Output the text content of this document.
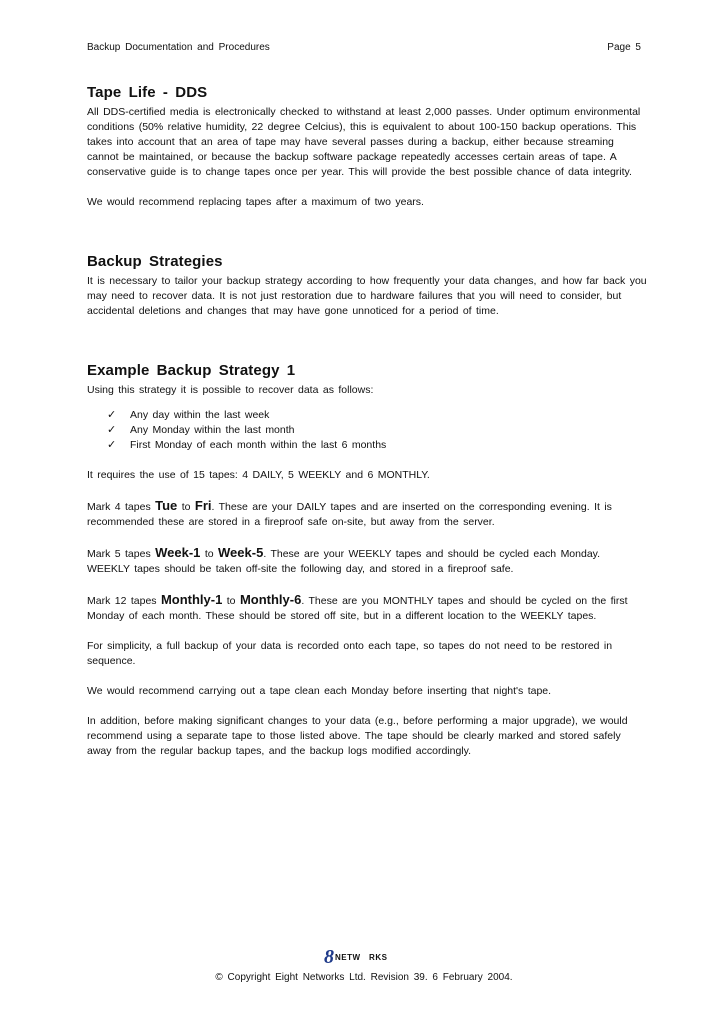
Backup Documentation and Procedures	Page 5
Tape Life - DDS

All DDS-certified media is electronically checked to withstand at least 2,000 passes. Under optimum environmental conditions (50% relative humidity, 22 degree Celcius), this is equivalent to about 100-150 backup operations. This takes into account that an area of tape may have several passes during a backup, either because streaming cannot be maintained, or because the backup software package repeatedly accesses certain areas of tape. A conservative guide is to change tapes once per year. This will provide the best possible chance of data integrity.

We would recommend replacing tapes after a maximum of two years.

Backup Strategies

It is necessary to tailor your backup strategy according to how frequently your data changes, and how far back you may need to recover data. It is not just restoration due to hardware failures that you will need to consider, but accidental deletions and changes that may have gone unnoticed for a period of time.

Example Backup Strategy 1

Using this strategy it is possible to recover data as follows:

✓	Any day within the last week
✓	Any Monday within the last month
✓	First Monday of each month within the last 6 months

It requires the use of 15 tapes: 4 DAILY, 5 WEEKLY and 6 MONTHLY.

Mark 4 tapes Tue to Fri. These are your DAILY tapes and are inserted on the corresponding evening. It is recommended these are stored in a fireproof safe on-site, but away from the server.

Mark 5 tapes Week-1 to Week-5. These are your WEEKLY tapes and should be cycled each Monday. WEEKLY tapes should be taken off-site the following day, and stored in a fireproof safe.

Mark 12 tapes Monthly-1 to Monthly-6. These are you MONTHLY tapes and should be cycled on the first Monday of each month. These should be stored off site, but in a different location to the WEEKLY tapes.

For simplicity, a full backup of your data is recorded onto each tape, so tapes do not need to be restored in sequence.

We would recommend carrying out a tape clean each Monday before inserting that night's tape.

In addition, before making significant changes to your data (e.g., before performing a major upgrade), we would recommend using a separate tape to those listed above. The tape should be clearly marked and stored safely away from the regular backup tapes, and the backup logs modified accordingly.

8 NETW RKS
© Copyright Eight Networks Ltd. Revision 39. 6 February 2004.
